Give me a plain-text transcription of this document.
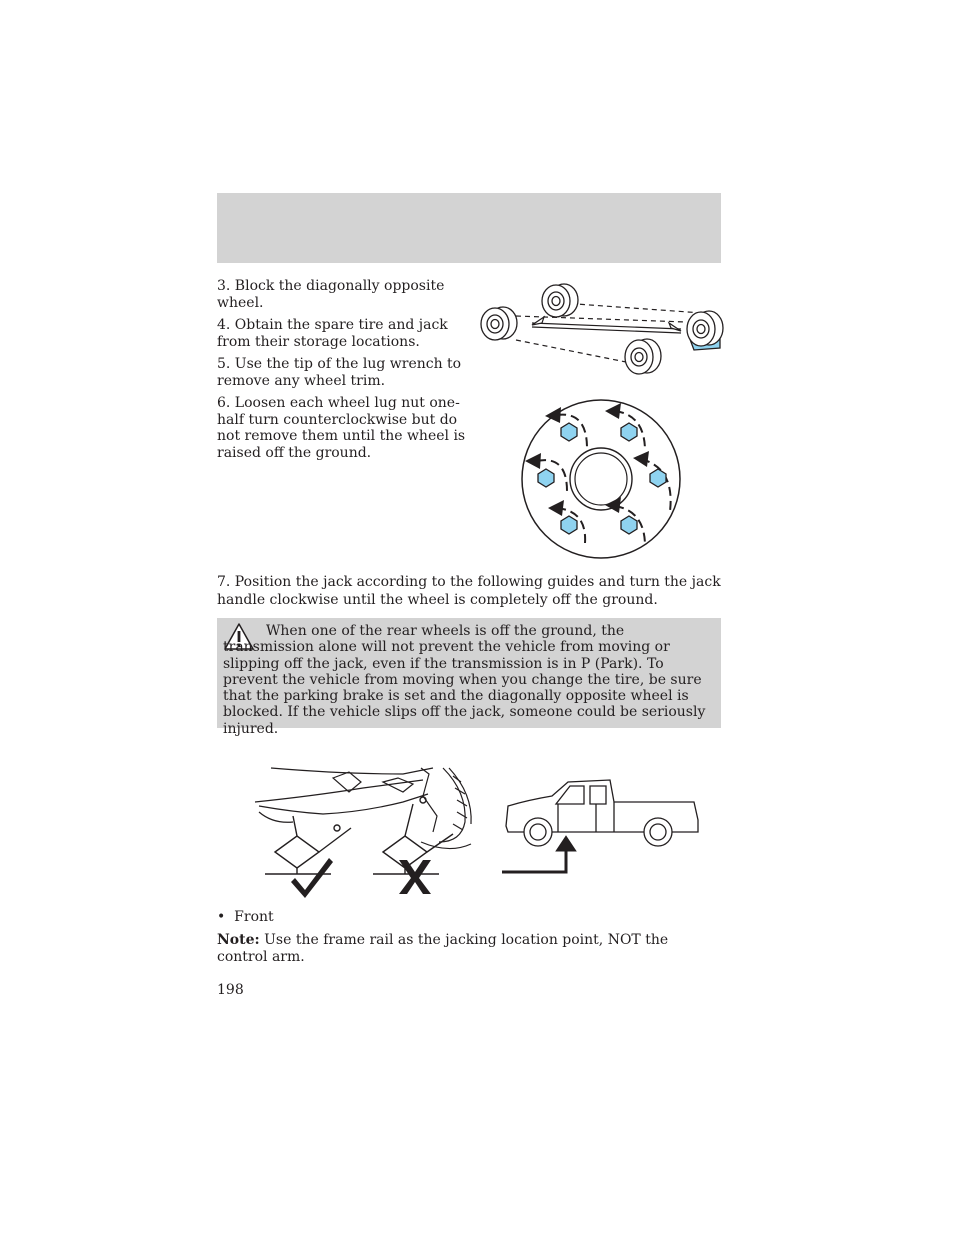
3. Block the diagonally opposite wheel.
4. Obtain the spare tire and jack from their storage locations.
5. Use the tip of the lug wrench to remove any wheel trim.
6. Loosen each wheel lug nut one-half turn counterclockwise but do not remove them until the wheel is raised off the ground.
7. Position the jack according to the following guides and turn the jack handle clockwise until the wheel is completely off the ground.
When one of the rear wheels is off the ground, the transmission alone will not prevent the vehicle from moving or slipping off the jack, even if the transmission is in P (Park). To prevent the vehicle from moving when you change the tire, be sure that the parking brake is set and the diagonally opposite wheel is blocked. If the vehicle slips off the jack, someone could be seriously injured.
• Front
Note: Use the frame rail as the jacking location point, NOT the control arm.
198
